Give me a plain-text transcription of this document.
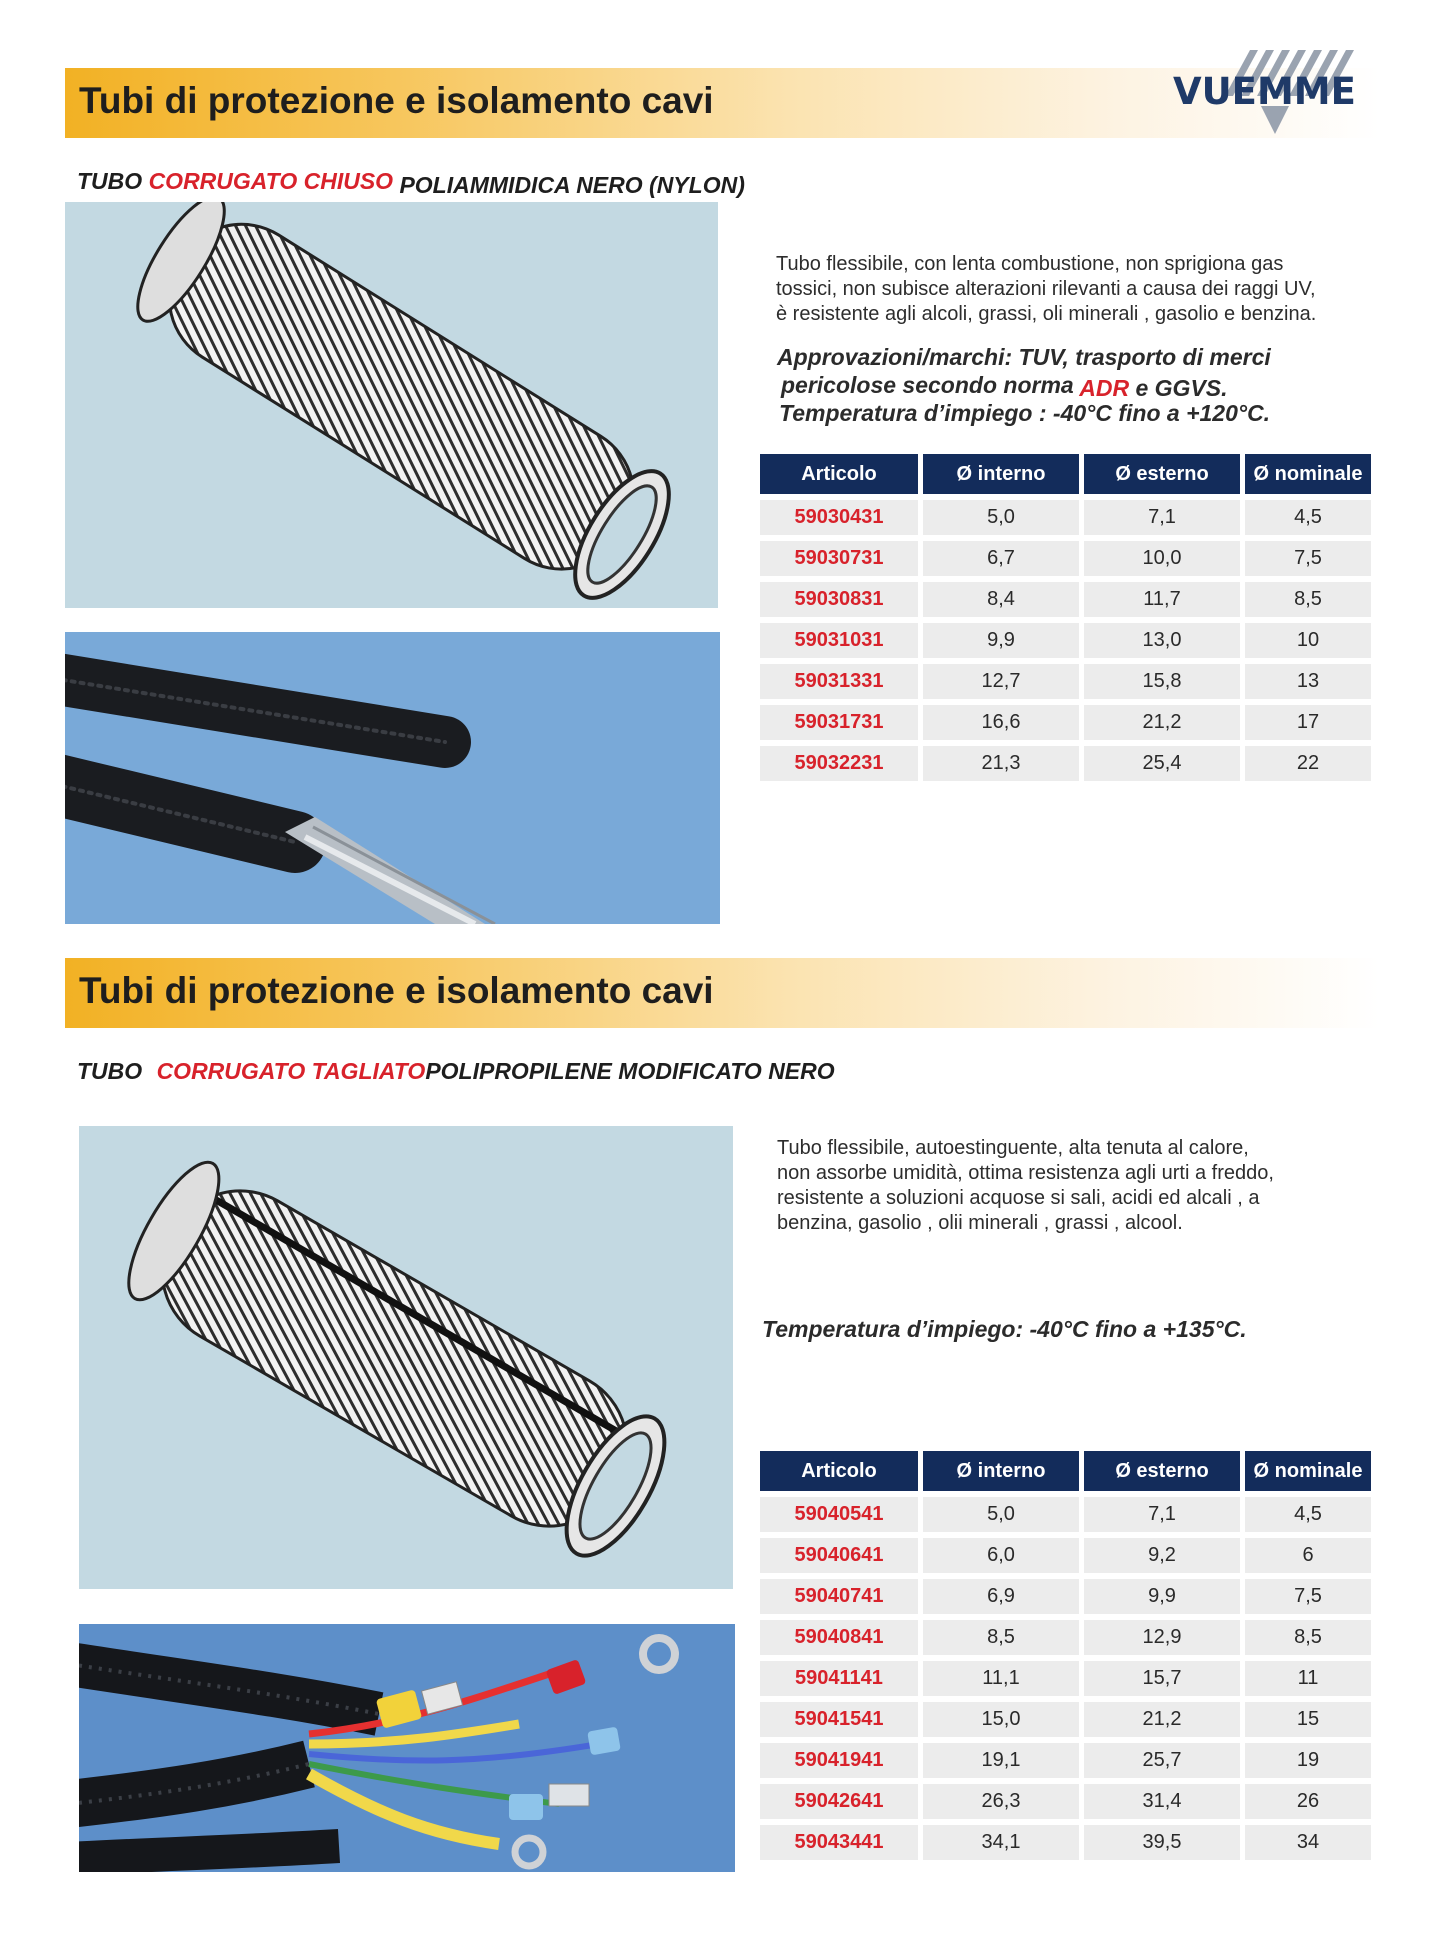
Tubi di protezione e isolamento cavi	VUEMME
TUBO CORRUGATO CHIUSO POLIAMMIDICA NERO (NYLON)
Tubo flessibile, con lenta combustione, non sprigiona gas
tossici, non subisce alterazioni rilevanti a causa dei raggi UV,
è resistente agli alcoli, grassi, oli minerali , gasolio e benzina.
Approvazioni/marchi: TUV, trasporto di merci
pericolose secondo norma ADR e GGVS.
Temperatura d’impiego : -40°C fino a +120°C.
Articolo	Ø interno	Ø esterno	Ø nominale
59030431	5,0	7,1	4,5
59030731	6,7	10,0	7,5
59030831	8,4	11,7	8,5
59031031	9,9	13,0	10
59031331	12,7	15,8	13
59031731	16,6	21,2	17
59032231	21,3	25,4	22
Tubi di protezione e isolamento cavi
TUBO CORRUGATO TAGLIATOPOLIPROPILENE MODIFICATO NERO
Tubo flessibile, autoestinguente, alta tenuta al calore,
non assorbe umidità, ottima resistenza agli urti a freddo,
resistente a soluzioni acquose si sali, acidi ed alcali , a
benzina, gasolio , olii minerali , grassi , alcool.
Temperatura d’impiego: -40°C fino a +135°C.
Articolo	Ø interno	Ø esterno	Ø nominale
59040541	5,0	7,1	4,5
59040641	6,0	9,2	6
59040741	6,9	9,9	7,5
59040841	8,5	12,9	8,5
59041141	11,1	15,7	11
59041541	15,0	21,2	15
59041941	19,1	25,7	19
59042641	26,3	31,4	26
59043441	34,1	39,5	34
